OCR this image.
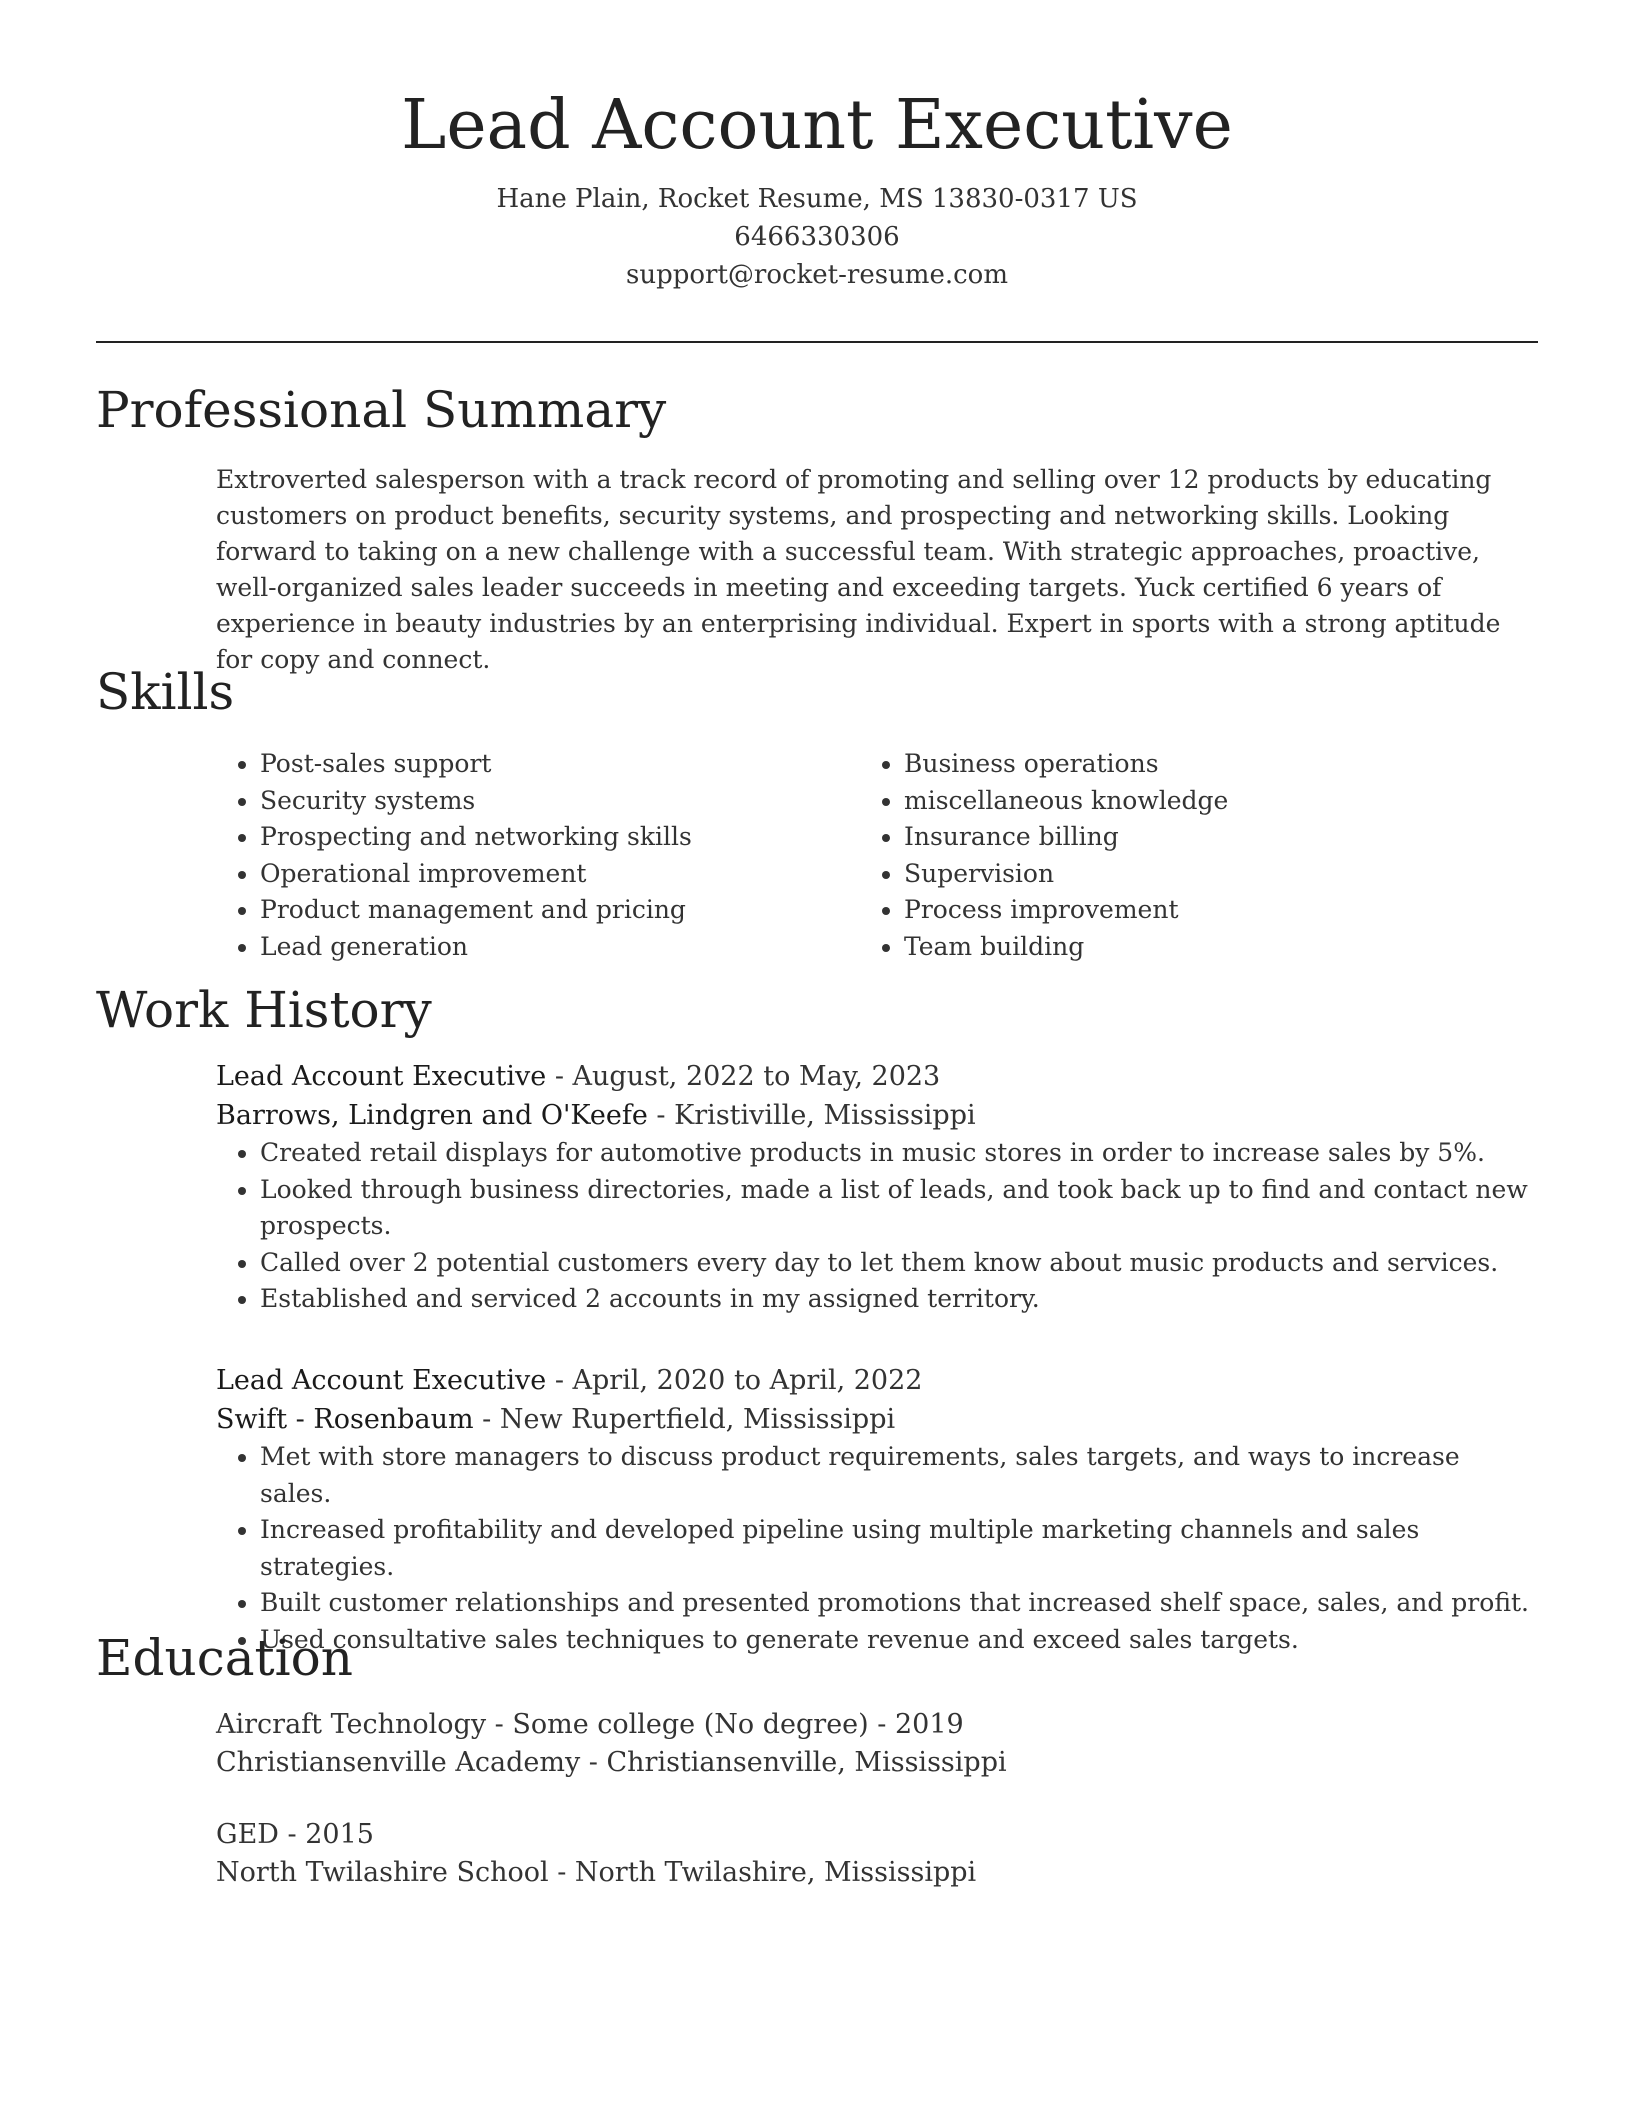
Lead Account Executive
Hane Plain, Rocket Resume, MS 13830-0317 US
6466330306
support@rocket-resume.com
Professional Summary

Extroverted salesperson with a track record of promoting and selling over 12 products by educating customers on product benefits, security systems, and prospecting and networking skills. Looking forward to taking on a new challenge with a successful team. With strategic approaches, proactive, well-organized sales leader succeeds in meeting and exceeding targets. Yuck certified 6 years of experience in beauty industries by an enterprising individual. Expert in sports with a strong aptitude for copy and connect.

Skills
• Post-sales support
• Security systems
• Prospecting and networking skills
• Operational improvement
• Product management and pricing
• Lead generation
• Business operations
• miscellaneous knowledge
• Insurance billing
• Supervision
• Process improvement
• Team building
Work History
Lead Account Executive - August, 2022 to May, 2023
Barrows, Lindgren and O'Keefe - Kristiville, Mississippi
• Created retail displays for automotive products in music stores in order to increase sales by 5%.
• Looked through business directories, made a list of leads, and took back up to find and contact new prospects.
• Called over 2 potential customers every day to let them know about music products and services.
• Established and serviced 2 accounts in my assigned territory.
Lead Account Executive - April, 2020 to April, 2022
Swift - Rosenbaum - New Rupertfield, Mississippi
• Met with store managers to discuss product requirements, sales targets, and ways to increase sales.
• Increased profitability and developed pipeline using multiple marketing channels and sales strategies.
• Built customer relationships and presented promotions that increased shelf space, sales, and profit.
• Used consultative sales techniques to generate revenue and exceed sales targets.
Education
Aircraft Technology - Some college (No degree) - 2019
Christiansenville Academy - Christiansenville, Mississippi
GED - 2015
North Twilashire School - North Twilashire, Mississippi
